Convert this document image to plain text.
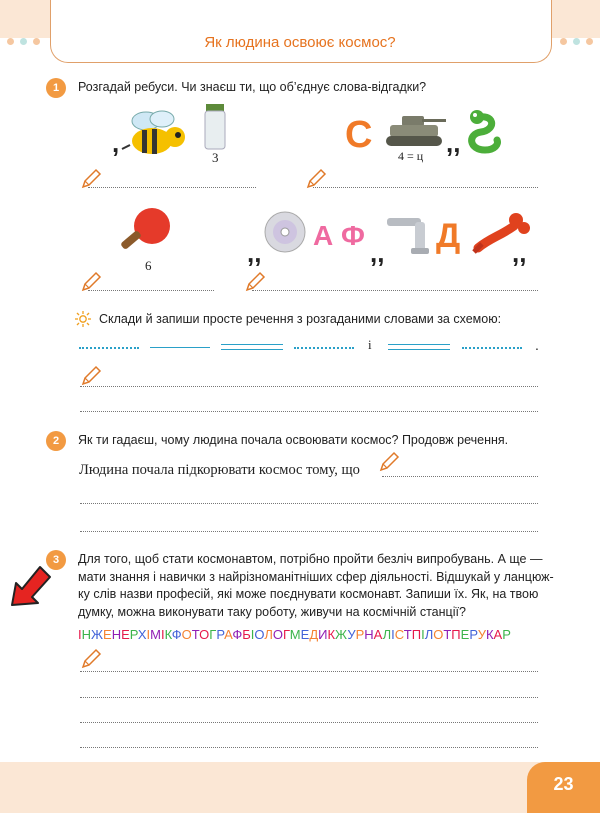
Як людина освоює космос?
1	Розгадай ребуси. Чи знаєш ти, що об’єднує слова-відгадки?
,	3
С 4 = ц ,,
6	,,
А Ф
,, Д ,,
Склади й запиши просте речення з розгаданими словами за схемою:
і	.
2	Як ти гадаєш, чому людина почала освоювати космос? Продовж речення.
Людина почала підкорювати космос тому, що
3	Для того, щоб стати космонавтом, потрібно пройти безліч випробувань. А ще —
мати знання і навички з найрізноманітніших сфер діяльності. Відшукай у ланцюж-
ку слів назви професій, які може поєднувати космонавт. Запиши їх. Як, на твою
думку, можна виконувати таку роботу, живучи на космічній станції?
ІНЖЕНЕРХІМІКФОТОГРАФБІОЛОГМЕДИКЖУРНАЛІСТПІЛОТПЕРУКАР
23
